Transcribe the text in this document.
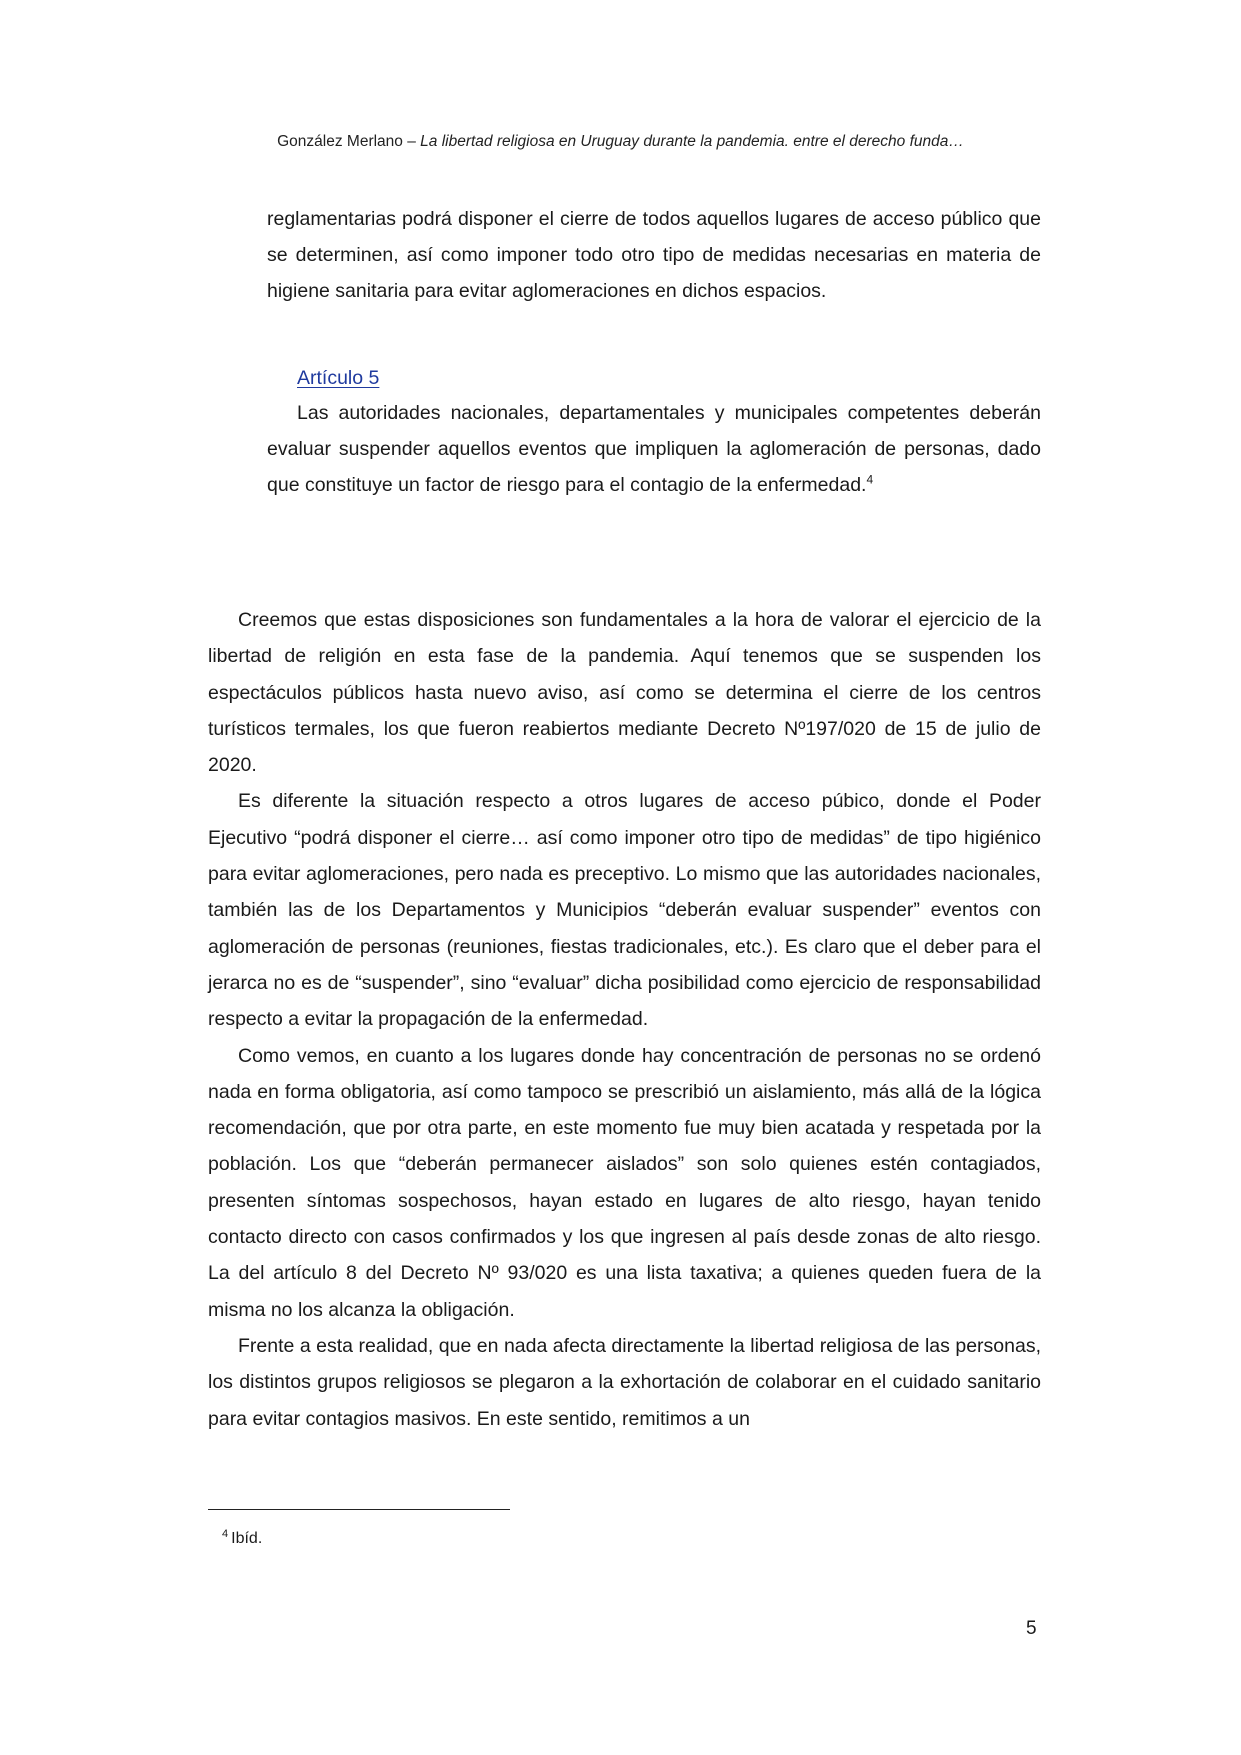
González Merlano – La libertad religiosa en Uruguay durante la pandemia. entre el derecho funda…

reglamentarias podrá disponer el cierre de todos aquellos lugares de acceso público que se determinen, así como imponer todo otro tipo de medidas necesarias en materia de higiene sanitaria para evitar aglomeraciones en dichos espacios.

Artículo 5

Las autoridades nacionales, departamentales y municipales competentes deberán evaluar suspender aquellos eventos que impliquen la aglomeración de personas, dado que constituye un factor de riesgo para el contagio de la enfermedad.$^4$

Creemos que estas disposiciones son fundamentales a la hora de valorar el ejercicio de la libertad de religión en esta fase de la pandemia. Aquí tenemos que se suspenden los espectáculos públicos hasta nuevo aviso, así como se determina el cierre de los centros turísticos termales, los que fueron reabiertos mediante Decreto Nº197/020 de 15 de julio de 2020.

Es diferente la situación respecto a otros lugares de acceso púbico, donde el Poder Ejecutivo “podrá disponer el cierre… así como imponer otro tipo de medidas” de tipo higiénico para evitar aglomeraciones, pero nada es preceptivo. Lo mismo que las autoridades nacionales, también las de los Departamentos y Municipios “deberán evaluar suspender” eventos con aglomeración de personas (reuniones, fiestas tradicionales, etc.). Es claro que el deber para el jerarca no es de “suspender”, sino “evaluar” dicha posibilidad como ejercicio de responsabilidad respecto a evitar la propagación de la enfermedad.

Como vemos, en cuanto a los lugares donde hay concentración de personas no se ordenó nada en forma obligatoria, así como tampoco se prescribió un aislamiento, más allá de la lógica recomendación, que por otra parte, en este momento fue muy bien acatada y respetada por la población. Los que “deberán permanecer aislados” son solo quienes estén contagiados, presenten síntomas sospechosos, hayan estado en lugares de alto riesgo, hayan tenido contacto directo con casos confirmados y los que ingresen al país desde zonas de alto riesgo. La del artículo 8 del Decreto Nº 93/020 es una lista taxativa; a quienes queden fuera de la misma no los alcanza la obligación.

Frente a esta realidad, que en nada afecta directamente la libertad religiosa de las personas, los distintos grupos religiosos se plegaron a la exhortación de colaborar en el cuidado sanitario para evitar contagios masivos. En este sentido, remitimos a un

$^4$ Ibíd.
5
